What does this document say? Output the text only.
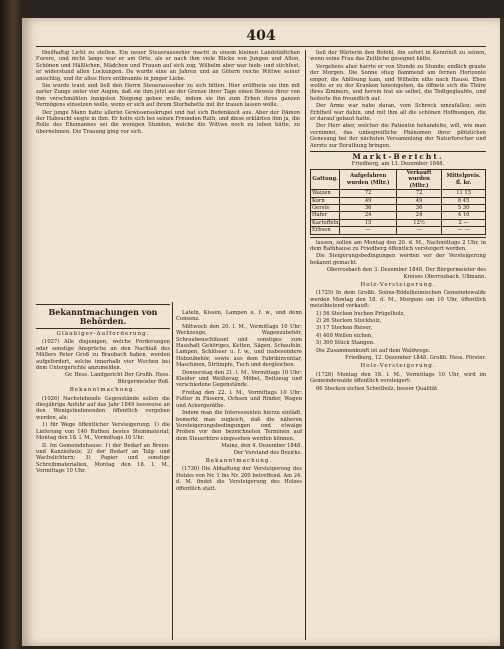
404

theilhaftig Licht zu stellen. Ein neuer Steuerausseher macht in einem kleinen Landstädtchen Furore, und nicht lange war er am Orte, als er nach ihm viele Blicke von Jungen und Alten, Schönen und Häßlichen, Mädchen und Frauen auf sich zog. Wilhelm aber war hieb- und stichfest, er widerstand allen Lockungen. Da wurde eine an Jahren und an Gütern reiche Wittwe seiner ansichtig, und ihr altes Herz entbrannte in junger Liebe.

Sie wurde traut und ließ den Herrn Steuerausseher zu sich bitten. Hier eröffnete sie ihm mit zarter Zunge unter vier Augen, daß sie ihm jetzt an der Grenze ihrer Tage einen Beweis ihrer von ihm verschmähten innigsten Neigung geben wolle, indem sie ihn zum Erben ihres ganzen Vermögens einsetzen wolle, wenn er sich auf ihrem Sterbebette mit ihr trauen lassen wolle.

Der junge Mann hatte allerlei Gewissensskrupel und hat sich Bedenkzeit aus. Aber der Dämon der Habsucht siegte in ihm. Er holte sich bei seinen Freunden Rath, und diese erklärten ihm ja, die Rolle des Ehemannes sei die wenigen Stunden, welche die Wittwe noch zu leben hätte, zu übernehmen. Die Trauung ging vor sich.

Bekanntmachungen von Behörden.
Gläubiger-Aufforderung.

(1027) Alle diejenigen, welche Forderungen oder sonstige Ansprüche an den Nachlaß des Müllers Peter Groß zu Braubach haben, werden aufgefordert, solche innerhalb vier Wochen bei dem Untergerichte anzumelden.

Gr. Hess. Landgericht Der Großh. Hess. Bürgermeister Roß.
Bekanntmachung.

(1026) Nachstehende Gegenstände sollen die diesjährige Anfuhr auf das Jahr 1849 loosweise an den Wenigstnehmenden öffentlich vergeben werden, als:

1) für Wege öffentlicher Versteigerung: 1) die Lieferung von 140 Ruthen bestes Steinmaterial; Montag den 18. l. M., Vormittags 10 Uhr.

II. Im Gemeindehause: 1) der Bedarf an Brenn- und Kanzleiholz; 2) der Bedarf an Talg- und Wachslichtern; 3) Papier und sonstige Schreibmaterialien, Montag den 18. l. M., Vormittags 10 Uhr.

Lateln, Kissen, Lampen u. f. w., und denn Consenz.

Mittwoch den 20. l. M., Vormittags 10 Uhr: Werkzeuge, Wagenzubehör, Schraubenschlüssel und sonstiges zum Haushalt Gehöriges, Ketten, Sägen, Schaufeln, Lampen, Schlösser u. f. w., und insbesondere Holzzubehör, sowie aus dem Fabrikinventar, Maschinen, Strümpfe, Tuch und dergleichen.

Donnerstag den 21. l. M., Vormittags 10 Uhr: Kleider und Weißzeug, Möbel, Bettzeug und verschiedene Gegenstände.

Freitag den 22. l. M., Vormittags 10 Uhr: Futter in Fässern, Ochsen und Rinder, Wagen und Ackergeräthe.

Indem man die Interessenten hierzu einlädt, bemerkt man zugleich, daß die näheren Versteigerungsbedingungen und etwaige Proben vor den bezeichneten Terminen auf dem Steuerbüro eingesehen werden können.

Mainz, den 4. Dezember 1848.
Der Vorstand des Bezirks.
Bekanntmachung.

(1730) Die Abhaltung der Versteigerung des Holzes von Nr. 1 bis Nr. 200 betreffend. Am 24. d. M. findet die Versteigerung des Holzes öffentlich statt.

ließ der Wärterin den Befehl, ihn sofort in Kenntniß zu setzen, wenn seine Frau das Zeitliche gesegnet hätte.

Vergebens aber harrte er von Stunde zu Stunde; endlich graute der Morgen. Die Sonne stieg flammend am fernen Horizonte empor, die Ablösung kam, und Wilhelm eilte nach Hause. Eben wollte er zu der Kranken hineingehen, da öffnete sich die Thüre ihres Zimmers, und herein trat sie selbst, die Todtgeglaubte, und heiterte ihn freundlich auf.

Der Arme war nahe daran, vom Schreck umzufallen; sein Erbtheil war dahin, und mit ihm all die schönen Hoffnungen, die er darauf gebaut hatte.

Der Herr aber, welcher die Patientin behandelte, will, wie man vernimmt, das unbegreifliche Phänomen ihrer plötzlichen Genesung bei der nächsten Versammlung der Naturforscher und Aerzte zur Berathung bringen.

Markt-Bericht.
Friedberg, am 13. Dezember 1848.
Gattung.	Aufgefahren wurden (Mltr.)	Verkauft wurden (Mltr.)	Mittelpreis. fl. kr.
Waizen	72	72	11 15
Korn	49	49	8 45
Gerste	36	36	5 30
Hafer	24	24	4 10
Kartoffeln	15	12½	2 —
Erbsen	—	—	— —

lassen, sollen am Montag den 20. d. M., Nachmittags 2 Uhr, in dem Rathhause zu Friedberg öffentlich versteigert werden.

Die Steigerungsbedingungen werden vor der Versteigerung bekannt gemacht.

Oberrosbach den 3. Dezember 1848. Der Bürgermeister des Kreises Oberrosbach. Ullmann.
Holz-Versteigerung.

(1725) In dem Großh. Solms-Rödelheimischen Gemeindewalde werden Montag den 18. d. M., Morgens um 10 Uhr, öffentlich meistbietend verkauft:

1) 56 Stecken buchen Prügelholz,

2) 26 Stecken Stockholz,

3) 17 Stecken Reiser,

4) 400 Wellen eichen,

5) 300 Stück Stangen.

Die Zusammenkunft ist auf dem Waldwege.

Friedberg, 12. Dezember 1848. Großh. Hess. Förster.
Holz-Versteigerung.

(1728) Montag den 18. l. M., Vormittags 10 Uhr, wird im Gemeindewalde öffentlich versteigert:

66 Stecken eichen Scheitholz, besser Qualität.
